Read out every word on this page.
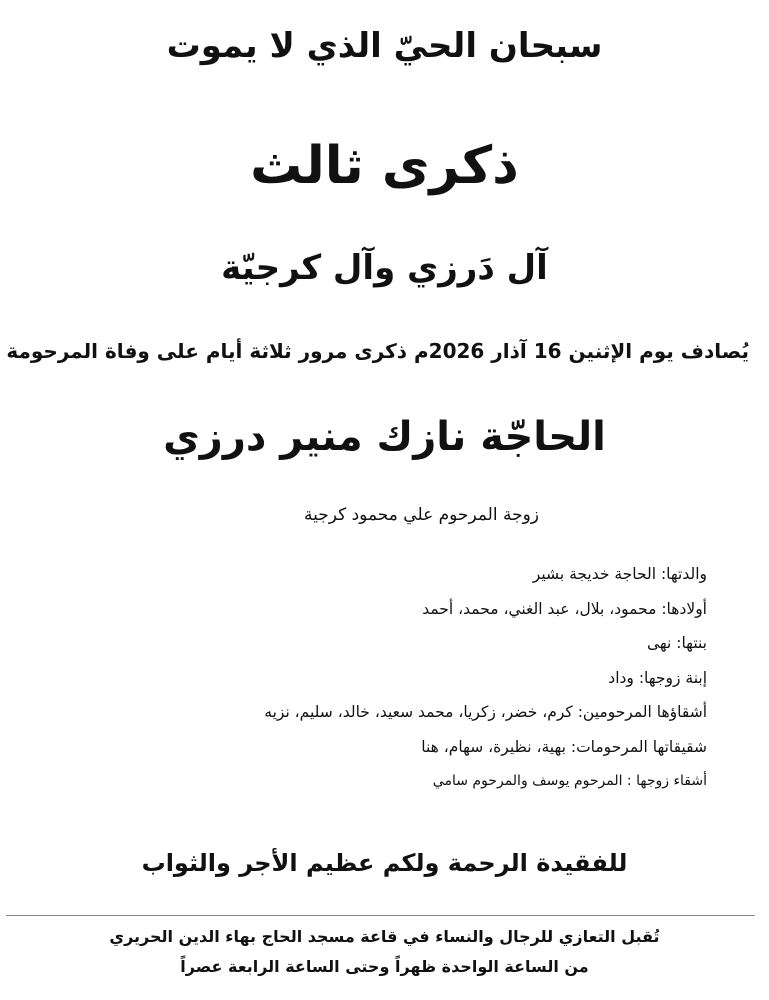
سبحان الحيّ الذي لا يموت

ذكرى ثالث

آل دَرزي وآل كرجيّة

يُصادف يوم الإثنين 16 آذار 2026م ذكرى مرور ثلاثة أيام على وفاة المرحومة

الحاجّة نازك منير درزي

زوجة المرحوم علي محمود كرجية

والدتها: الحاجة خديجة بشير
أولادها: محمود، بلال، عبد الغني، محمد، أحمد
بنتها: نهى
إبنة زوجها: وداد
أشقاؤها المرحومين: كرم، خضر، زكريا، محمد سعيد، خالد، سليم، نزيه
شقيقاتها المرحومات: بهية، نظيرة، سهام، هنا
أشقاء زوجها : المرحوم يوسف والمرحوم سامي

للفقيدة الرحمة ولكم عظيم الأجر والثواب

تُقبل التعازي للرجال والنساء في قاعة مسجد الحاج بهاء الدين الحريري

من الساعة الواحدة ظهراً وحتى الساعة الرابعة عصراً
